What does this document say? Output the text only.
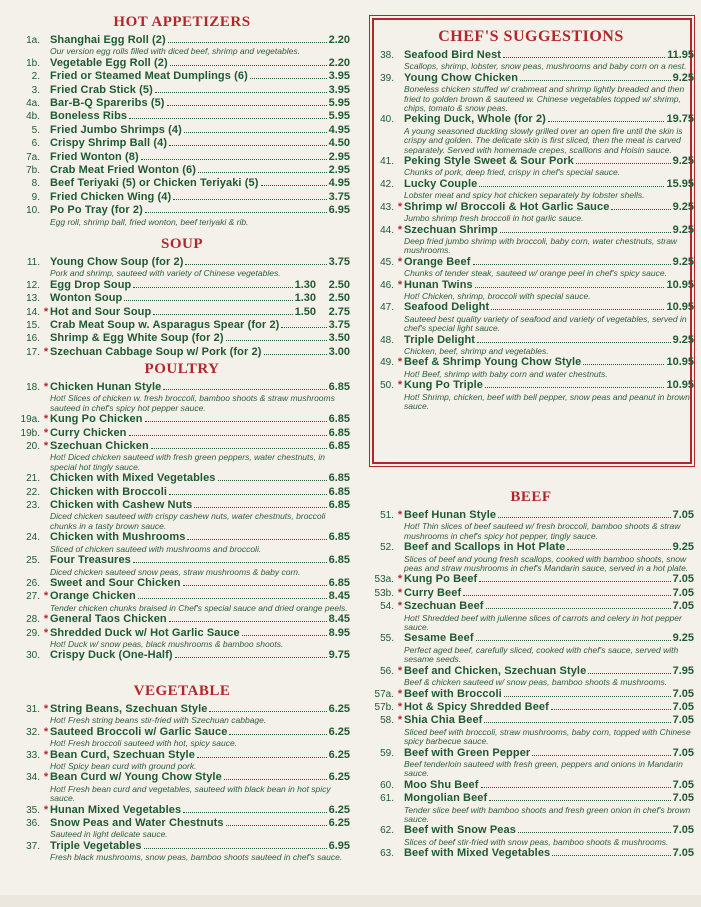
HOT APPETIZERS
1a. Shanghai Egg Roll (2)	2.20
Our version egg rolls filled with diced beef, shrimp and vegetables.
1b. Vegetable Egg Roll (2)	2.20
2. Fried or Steamed Meat Dumplings (6)	3.95
3. Fried Crab Stick (5)	3.95
4a. Bar-B-Q Spareribs (5)	5.95
4b. Boneless Ribs	5.95
5. Fried Jumbo Shrimps (4)	4.95
6. Crispy Shrimp Ball (4)	4.50
7a. Fried Wonton (8)	2.95
7b. Crab Meat Fried Wonton (6)	2.95
8. Beef Teriyaki (5) or Chicken Teriyaki (5)	4.95
9. Fried Chicken Wing (4)	3.75
10. Po Po Tray (for 2)	6.95
Egg roll, shrimp ball, fried wonton, beef teriyaki & rib.
SOUP
11. Young Chow Soup (for 2)	3.75
Pork and shrimp, sauteed with variety of Chinese vegetables.
12. Egg Drop Soup	1.30	2.50
13. Wonton Soup	1.30	2.50
14. * Hot and Sour Soup	1.50	2.75
15. Crab Meat Soup w. Asparagus Spear (for 2)	3.75
16. Shrimp & Egg White Soup (for 2)	3.50
17. * Szechuan Cabbage Soup w/ Pork (for 2)	3.00
POULTRY
18. * Chicken Hunan Style	6.85
Hot! Slices of chicken w. fresh broccoli, bamboo shoots & straw mushrooms sauteed in chef's spicy hot pepper sauce.
19a. * Kung Po Chicken	6.85
19b. * Curry Chicken	6.85
20. * Szechuan Chicken	6.85
Hot! Diced chicken sauteed with fresh green peppers, water chestnuts, in special hot tingly sauce.
21. Chicken with Mixed Vegetables	6.85
22. Chicken with Broccoli	6.85
23. Chicken with Cashew Nuts	6.85
Diced chicken sauteed with crispy cashew nuts, water chestnuts, broccoli chunks in a tasty brown sauce.
24. Chicken with Mushrooms	6.85
Sliced of chicken sauteed with mushrooms and broccoli.
25. Four Treasures	6.85
Diced chicken sauteed snow peas, straw mushrooms & baby corn.
26. Sweet and Sour Chicken	6.85
27. * Orange Chicken	8.45
Tender chicken chunks braised in Chef's special sauce and dried orange peels.
28. * General Taos Chicken	8.45
29. * Shredded Duck w/ Hot Garlic Sauce	8.95
Hot! Duck w/ snow peas, black mushrooms & bamboo shoots.
30. Crispy Duck (One-Half)	9.75
VEGETABLE
31. * String Beans, Szechuan Style	6.25
Hot! Fresh string beans stir-fried with Szechuan cabbage.
32. * Sauteed Broccoli w/ Garlic Sauce	6.25
Hot! Fresh broccoli sauteed with hot, spicy sauce.
33. * Bean Curd, Szechuan Style	6.25
Hot! Spicy bean curd with ground pork.
34. * Bean Curd w/ Young Chow Style	6.25
Hot! Fresh bean curd and vegetables, sauteed with black bean in hot spicy sauce.
35. * Hunan Mixed Vegetables	6.25
36. Snow Peas and Water Chestnuts	6.25
Sauteed in light delicate sauce.
37. Triple Vegetables	6.95
Fresh black mushrooms, snow peas, bamboo shoots sauteed in chef's sauce.
CHEF'S SUGGESTIONS
38. Seafood Bird Nest	11.95
Scallops, shrimp, lobster, snow peas, mushrooms and baby corn on a nest.
39. Young Chow Chicken	9.25
Boneless chicken stuffed w/ crabmeat and shrimp lightly breaded and then fried to golden brown & sauteed w. Chinese vegetables topped w/ shrimp, chips, tomato & snow peas.
40. Peking Duck, Whole (for 2)	19.75
A young seasoned duckling slowly grilled over an open fire until the skin is crispy and golden. The delicate skin is first sliced, then the meat is carved separately. Served with homemade crepes, scallions and Hoisin sauce.
41. Peking Style Sweet & Sour Pork	9.25
Chunks of pork, deep fried, crispy in chef's special sauce.
42. Lucky Couple	15.95
Lobster meat and spicy hot chicken separately by lobster shells.
43. * Shrimp w/ Broccoli & Hot Garlic Sauce	9.25
Jumbo shrimp fresh broccoli in hot garlic sauce.
44. * Szechuan Shrimp	9.25
Deep fried jumbo shrimp with broccoli, baby corn, water chestnuts, straw mushrooms.
45. * Orange Beef	9.25
Chunks of tender steak, sauteed w/ orange peel in chef's spicy sauce.
46. * Hunan Twins	10.95
Hot! Chicken, shrimp, broccoli with special sauce.
47. Seafood Delight	10.95
Sauteed best quality variety of seafood and variety of vegetables, served in chef's special light sauce.
48. Triple Delight	9.25
Chicken, beef, shrimp and vegetables.
49. * Beef & Shrimp Young Chow Style	10.95
Hot! Beef, shrimp with baby corn and water chestnuts.
50. * Kung Po Triple	10.95
Hot! Shrimp, chicken, beef with bell pepper, snow peas and peanut in brown sauce.
BEEF
51. * Beef Hunan Style	7.05
Hot! Thin slices of beef sauteed w/ fresh broccoli, bamboo shoots & straw mushrooms in chef's spicy hot pepper, tingly sauce.
52. Beef and Scallops in Hot Plate	9.25
Slices of beef and young fresh scallops, cooked with bamboo shoots, snow peas and straw mushrooms in chef's Mandarin sauce, served in a hot plate.
53a. * Kung Po Beef	7.05
53b. * Curry Beef	7.05
54. * Szechuan Beef	7.05
Hot! Shredded beef with julienne slices of carrots and celery in hot pepper sauce.
55. Sesame Beef	9.25
Perfect aged beef, carefully sliced, cooked with chef's sauce, served with sesame seeds.
56. * Beef and Chicken, Szechuan Style	7.95
Beef & chicken sauteed w/ snow peas, bamboo shoots & mushrooms.
57a. * Beef with Broccoli	7.05
57b. * Hot & Spicy Shredded Beef	7.05
58. * Shia Chia Beef	7.05
Sliced beef with broccoli, straw mushrooms, baby corn, topped with Chinese spicy barbecue sauce.
59. Beef with Green Pepper	7.05
Beef tenderloin sauteed with fresh green, peppers and onions in Mandarin sauce.
60. Moo Shu Beef	7.05
61. Mongolian Beef	7.05
Tender slice beef with bamboo shoots and fresh green onion in chef's brown sauce.
62. Beef with Snow Peas	7.05
Slices of beef stir-fried with snow peas, bamboo shoots & mushrooms.
63. Beef with Mixed Vegetables	7.05
